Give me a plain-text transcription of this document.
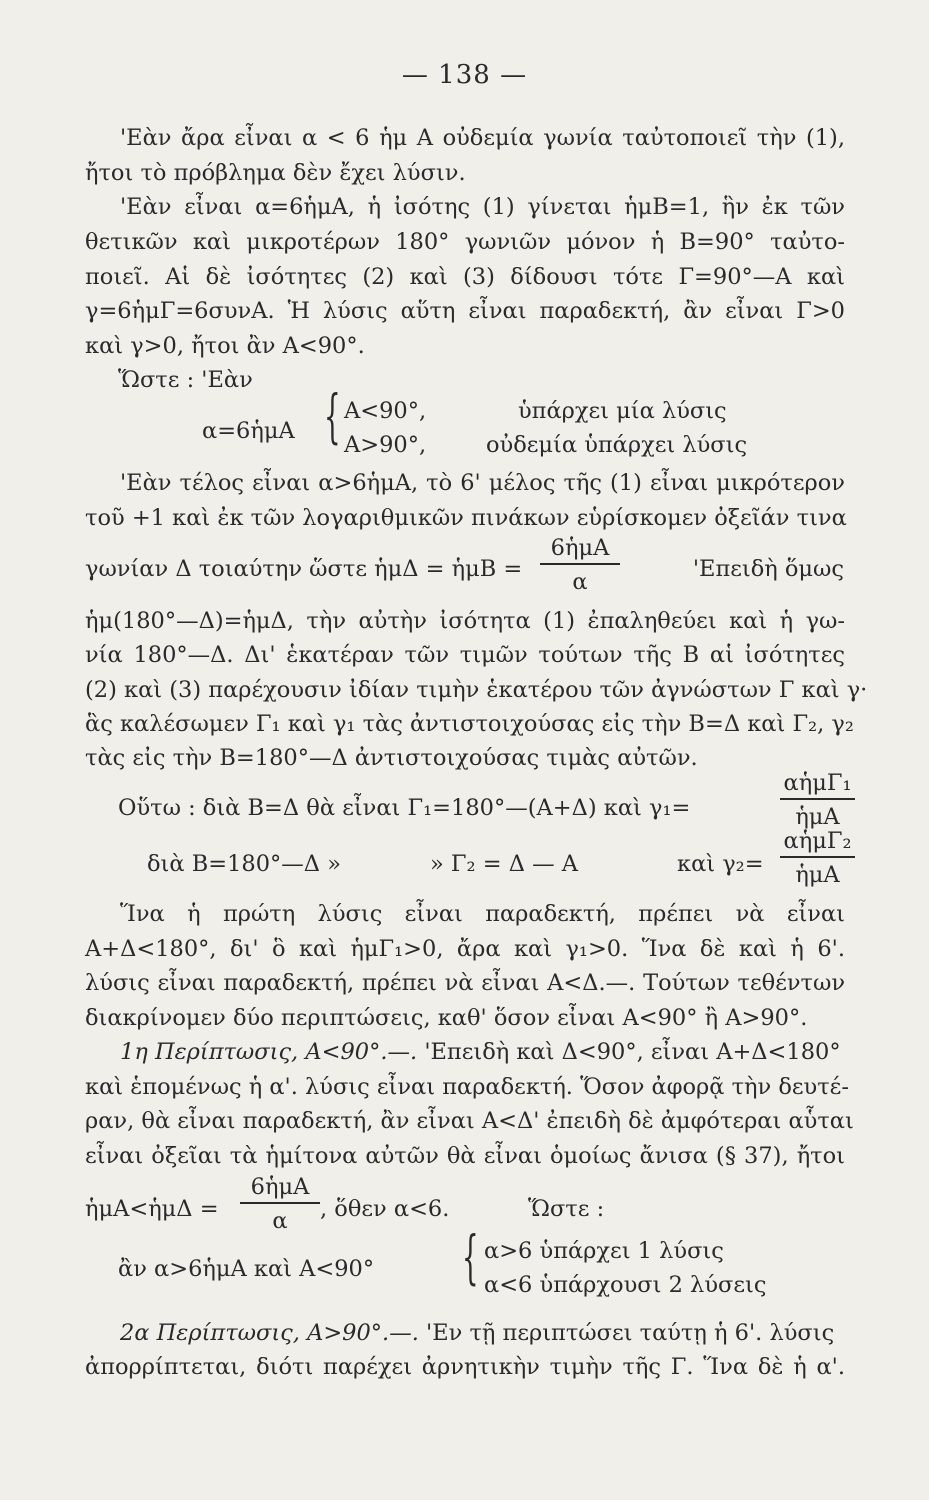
— 138 —
'Εὰν ἄρα εἶναι α < 6 ἡμ Α οὐδεμία γωνία ταὐτοποιεῖ τὴν (1),
ἤτοι τὸ πρόβλημα δὲν ἔχει λύσιν.
'Εὰν εἶναι α=6ἡμΑ, ἡ ἰσότης (1) γίνεται ἡμΒ=1, ἣν ἐκ τῶν
θετικῶν καὶ μικροτέρων 180° γωνιῶν μόνον ἡ Β=90° ταὐτο-
ποιεῖ. Αἱ δὲ ἰσότητες (2) καὶ (3) δίδουσι τότε Γ=90°—Α καὶ
γ=6ἡμΓ=6συνΑ. Ἡ λύσις αὕτη εἶναι παραδεκτή, ἂν εἶναι Γ>0
καὶ γ>0, ἤτοι ἂν Α<90°.
Ὥστε : 'Εὰν
α=6ἡμΑ { Α<90°,	ὑπάρχει μία λύσις
Α>90°,	οὐδεμία ὑπάρχει λύσις
'Εὰν τέλος εἶναι α>6ἡμΑ, τὸ 6' μέλος τῆς (1) εἶναι μικρότερον
τοῦ +1 καὶ ἐκ τῶν λογαριθμικῶν πινάκων εὑρίσκομεν ὀξεῖάν τινα
γωνίαν Δ τοιαύτην ὥστε ἡμΔ = ἡμΒ =
6ἡμΑ
α	'Επειδὴ ὅμως
ἡμ(180°—Δ)=ἡμΔ, τὴν αὐτὴν ἰσότητα (1) ἐπαληθεύει καὶ ἡ γω-
νία 180°—Δ. Δι' ἑκατέραν τῶν τιμῶν τούτων τῆς Β αἱ ἰσότητες
(2) καὶ (3) παρέχουσιν ἰδίαν τιμὴν ἑκατέρου τῶν ἀγνώστων Γ καὶ γ·
ἃς καλέσωμεν Γ₁ καὶ γ₁ τὰς ἀντιστοιχούσας εἰς τὴν Β=Δ καὶ Γ₂, γ₂
τὰς εἰς τὴν Β=180°—Δ ἀντιστοιχούσας τιμὰς αὐτῶν.
Οὕτω : διὰ Β=Δ θὰ εἶναι Γ₁=180°—(Α+Δ) καὶ γ₁=
αἡμΓ₁
ἡμΑ
διὰ Β=180°—Δ »	» Γ₂ = Δ — Α	καὶ γ₂=
αἡμΓ₂
ἡμΑ
Ἵνα ἡ πρώτη λύσις εἶναι παραδεκτή, πρέπει νὰ εἶναι
Α+Δ<180°, δι' ὃ καὶ ἡμΓ₁>0, ἄρα καὶ γ₁>0. Ἵνα δὲ καὶ ἡ 6'.
λύσις εἶναι παραδεκτή, πρέπει νὰ εἶναι Α<Δ.—. Τούτων τεθέντων
διακρίνομεν δύο περιπτώσεις, καθ' ὅσον εἶναι Α<90° ἢ Α>90°.
1η Περίπτωσις, Α<90°.—. 'Επειδὴ καὶ Δ<90°, εἶναι Α+Δ<180°
καὶ ἑπομένως ἡ α'. λύσις εἶναι παραδεκτή. Ὅσον ἀφορᾷ τὴν δευτέ-
ραν, θὰ εἶναι παραδεκτή, ἂν εἶναι Α<Δ' ἐπειδὴ δὲ ἀμφότεραι αὗται
εἶναι ὀξεῖαι τὰ ἡμίτονα αὐτῶν θὰ εἶναι ὁμοίως ἄνισα (§ 37), ἤτοι
ἡμΑ<ἡμΔ =
6ἡμΑ
α	, ὅθεν α<6.	Ὥστε :
ἂν α>6ἡμΑ καὶ Α<90°	{ α>6 ὑπάρχει 1 λύσις
α<6 ὑπάρχουσι 2 λύσεις
2α Περίπτωσις, Α>90°.—. 'Εν τῇ περιπτώσει ταύτῃ ἡ 6'. λύσις
ἀπορρίπτεται, διότι παρέχει ἀρνητικὴν τιμὴν τῆς Γ. Ἵνα δὲ ἡ α'.
